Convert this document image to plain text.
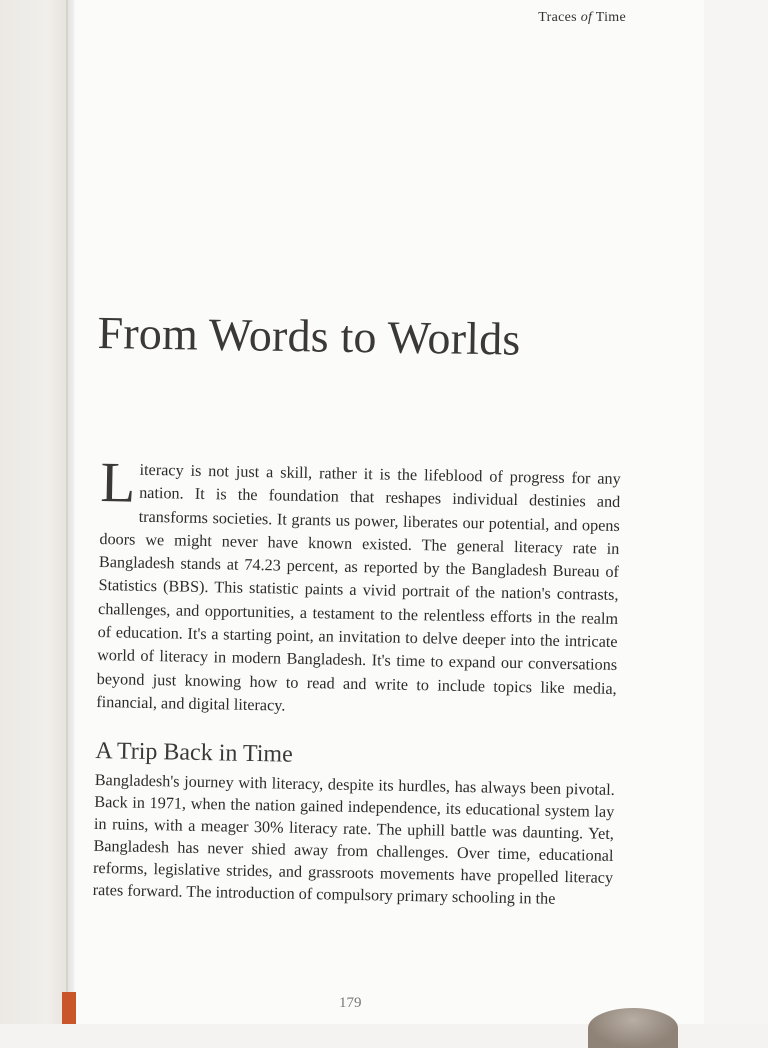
Traces of Time
From Words to Worlds

Literacy is not just a skill, rather it is the lifeblood of progress for any nation. It is the foundation that reshapes individual destinies and transforms societies. It grants us power, liberates our potential, and opens doors we might never have known existed. The general literacy rate in Bangladesh stands at 74.23 percent, as reported by the Bangladesh Bureau of Statistics (BBS). This statistic paints a vivid portrait of the nation's contrasts, challenges, and opportunities, a testament to the relentless efforts in the realm of education. It's a starting point, an invitation to delve deeper into the intricate world of literacy in modern Bangladesh. It's time to expand our conversations beyond just knowing how to read and write to include topics like media, financial, and digital literacy.

A Trip Back in Time

Bangladesh's journey with literacy, despite its hurdles, has always been pivotal. Back in 1971, when the nation gained independence, its educational system lay in ruins, with a meager 30% literacy rate. The uphill battle was daunting. Yet, Bangladesh has never shied away from challenges. Over time, educational reforms, legislative strides, and grassroots movements have propelled literacy rates forward. The introduction of compulsory primary schooling in the

179
